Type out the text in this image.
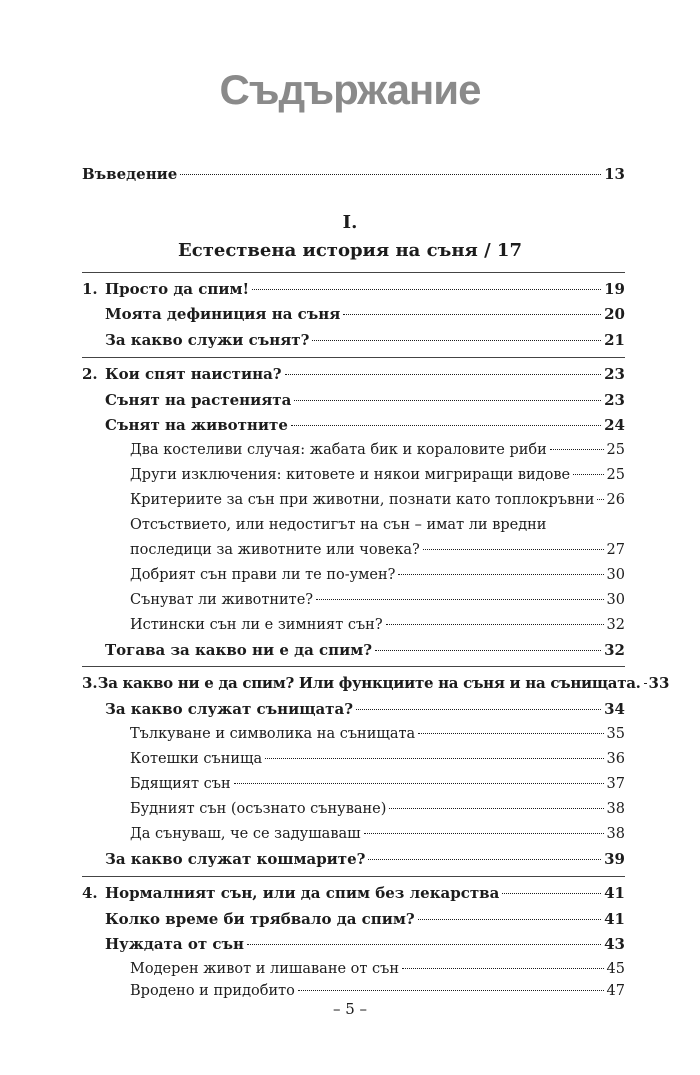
Съдържание
Въведение	13
I.
Естествена история на съня / 17
1. Просто да спим!	19
Моята дефиниция на съня	20
За какво служи сънят?	21
2. Кои спят наистина?	23
Сънят на растенията	23
Сънят на животните	24
Два костеливи случая: жабата бик и кораловите риби	25
Други изключения: китовете и някои мигриращи видове	25
Критериите за сън при животни, познати като топлокръвни 26
Отсъствието, или недостигът на сън – имат ли вредни
последици за животните или човека?	27
Добрият сън прави ли те по-умен?	30
Сънуват ли животните?	30
Истински сън ли е зимният сън?	32
Тогава за какво ни е да спим?	32
3. За какво ни е да спим? Или функциите на съня и на сънищата. 33
За какво служат сънищата?	34
Тълкуване и символика на сънищата	35
Котешки сънища	36
Бдящият сън	37
Будният сън (осъзнато сънуване)	38
Да сънуваш, че се задушаваш	38
За какво служат кошмарите?	39
4. Нормалният сън, или да спим без лекарства	41
Колко време би трябвало да спим?	41
Нуждата от сън	43
Модерен живот и лишаване от сън	45
Вродено и придобито	47
– 5 –
